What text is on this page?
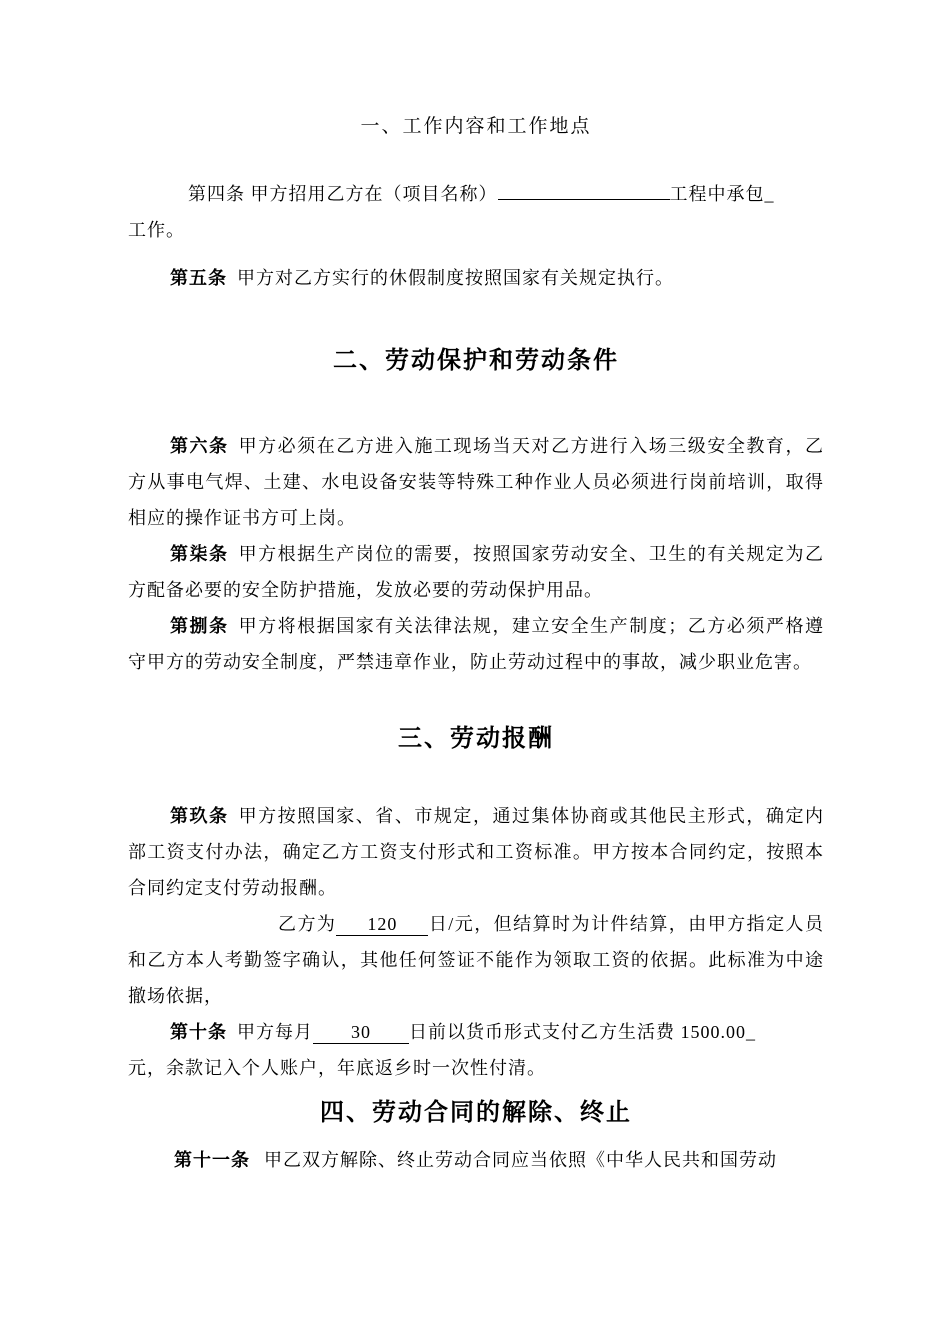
一、工作内容和工作地点

第四条 甲方招用乙方在（项目名称）	工程中承包_
工作。

第五条 甲方对乙方实行的休假制度按照国家有关规定执行。

二、劳动保护和劳动条件

第六条 甲方必须在乙方进入施工现场当天对乙方进行入场三级安全教育，乙方从事电气焊、土建、水电设备安装等特殊工种作业人员必须进行岗前培训，取得相应的操作证书方可上岗。

第柒条 甲方根据生产岗位的需要，按照国家劳动安全、卫生的有关规定为乙方配备必要的安全防护措施，发放必要的劳动保护用品。

第捌条 甲方将根据国家有关法律法规，建立安全生产制度；乙方必须严格遵守甲方的劳动安全制度，严禁违章作业，防止劳动过程中的事故，减少职业危害。

三、劳动报酬

第玖条 甲方按照国家、省、市规定，通过集体协商或其他民主形式，确定内部工资支付办法，确定乙方工资支付形式和工资标准。甲方按本合同约定，按照本合同约定支付劳动报酬。

乙方为 120 日/元，但结算时为计件结算，由甲方指定人员和乙方本人考勤签字确认，其他任何签证不能作为领取工资的依据。此标准为中途撤场依据，

第十条 甲方每月 30 日前以货币形式支付乙方生活费 1500.00_
元，余款记入个人账户，年底返乡时一次性付清。

四、劳动合同的解除、终止

第十一条 甲乙双方解除、终止劳动合同应当依照《中华人民共和国劳动
